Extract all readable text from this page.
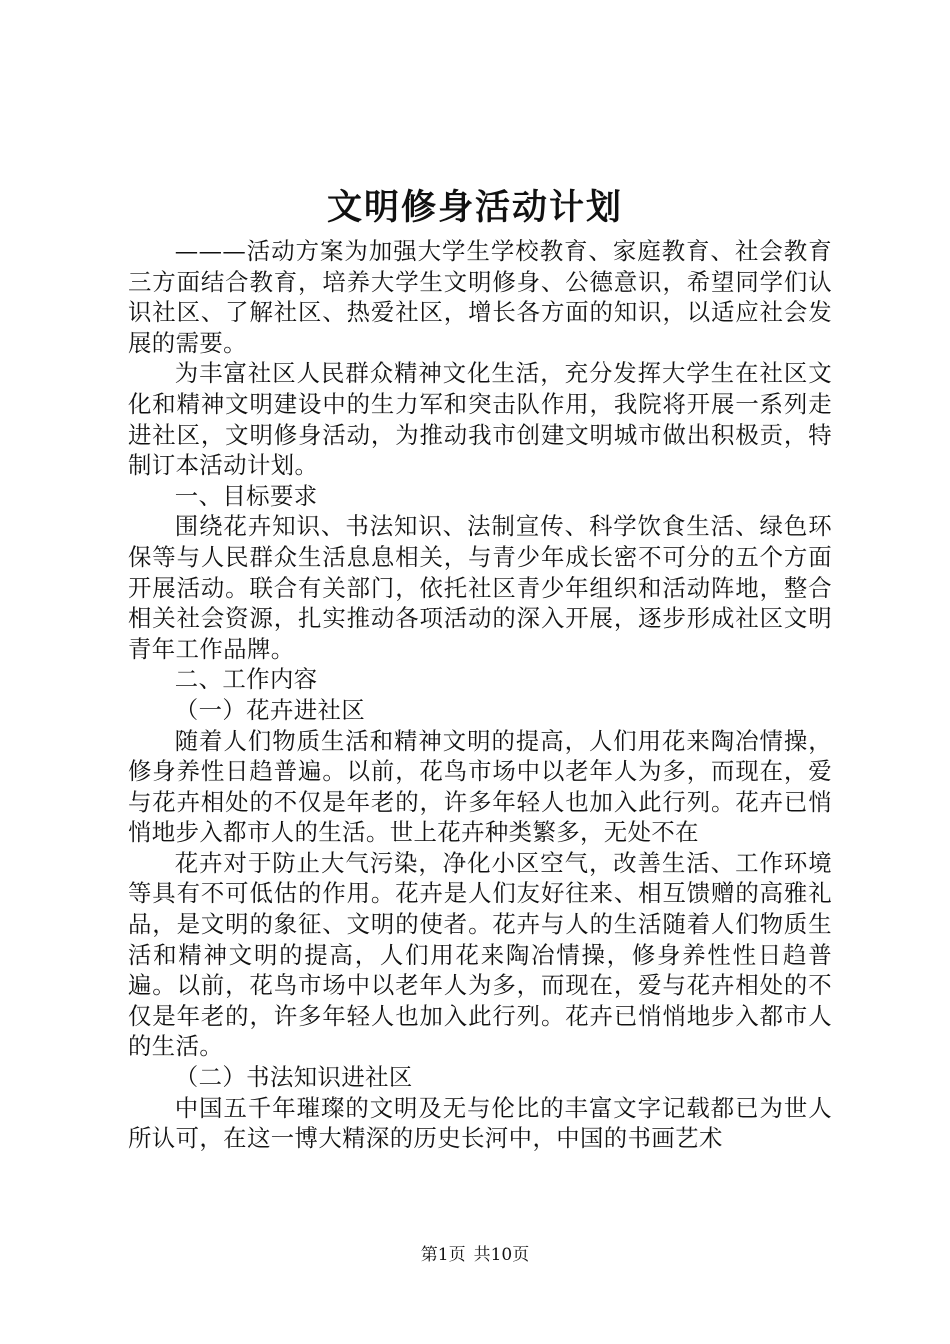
文明修身活动计划

———活动方案为加强大学生学校教育、家庭教育、社会教育三方面结合教育，培养大学生文明修身、公德意识，希望同学们认识社区、了解社区、热爱社区，增长各方面的知识，以适应社会发展的需要。

为丰富社区人民群众精神文化生活，充分发挥大学生在社区文化和精神文明建设中的生力军和突击队作用，我院将开展一系列走进社区，文明修身活动，为推动我市创建文明城市做出积极贡，特制订本活动计划。

一、目标要求

围绕花卉知识、书法知识、法制宣传、科学饮食生活、绿色环保等与人民群众生活息息相关，与青少年成长密不可分的五个方面开展活动。联合有关部门，依托社区青少年组织和活动阵地，整合相关社会资源，扎实推动各项活动的深入开展，逐步形成社区文明青年工作品牌。

二、工作内容

（一）花卉进社区

随着人们物质生活和精神文明的提高，人们用花来陶冶情操，修身养性日趋普遍。以前，花鸟市场中以老年人为多，而现在，爱与花卉相处的不仅是年老的，许多年轻人也加入此行列。花卉已悄悄地步入都市人的生活。世上花卉种类繁多，无处不在

花卉对于防止大气污染，净化小区空气，改善生活、工作环境等具有不可低估的作用。花卉是人们友好往来、相互馈赠的高雅礼品，是文明的象征、文明的使者。花卉与人的生活随着人们物质生活和精神文明的提高，人们用花来陶冶情操，修身养性性日趋普遍。以前，花鸟市场中以老年人为多，而现在，爱与花卉相处的不仅是年老的，许多年轻人也加入此行列。花卉已悄悄地步入都市人的生活。

（二）书法知识进社区

中国五千年璀璨的文明及无与伦比的丰富文字记载都已为世人所认可，在这一博大精深的历史长河中，中国的书画艺术

第1页 共10页
